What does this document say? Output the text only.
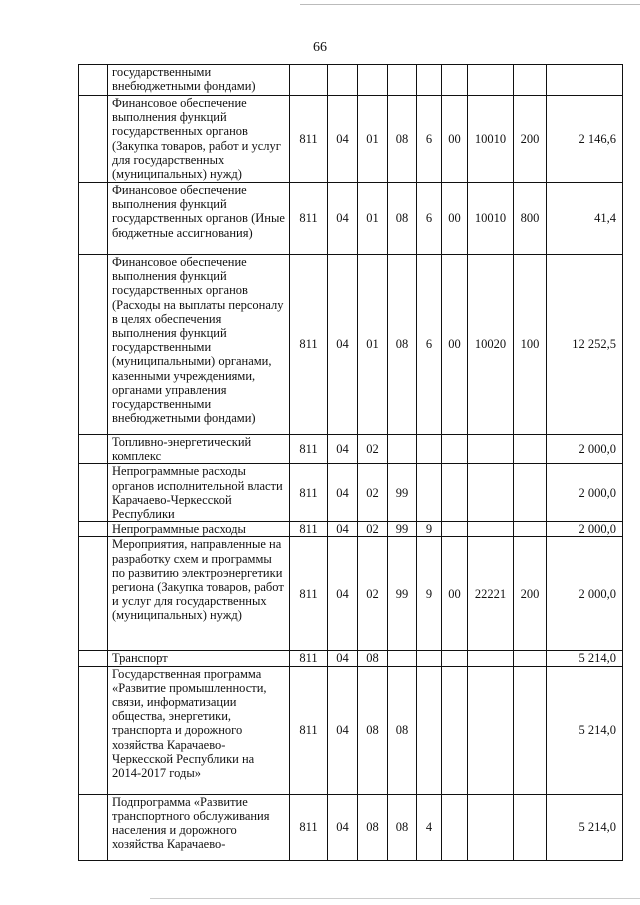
66
	государственными внебюджетными фондами)									
	Финансовое обеспечение выполнения функций государственных органов (Закупка товаров, работ и услуг для государственных (муниципальных) нужд)	811	04	01	08	6	00	10010	200	2 146,6
	Финансовое обеспечение выполнения функций государственных органов (Иные бюджетные ассигнования)	811	04	01	08	6	00	10010	800	41,4
	Финансовое обеспечение выполнения функций государственных органов (Расходы на выплаты персоналу в целях обеспечения выполнения функций государственными (муниципальными) органами, казенными учреждениями, органами управления государственными внебюджетными фондами)	811	04	01	08	6	00	10020	100	12 252,5
	Топливно-энергетический комплекс	811	04	02						2 000,0
	Непрограммные расходы органов исполнительной власти Карачаево-Черкесской Республики	811	04	02	99					2 000,0
	Непрограммные расходы	811	04	02	99	9				2 000,0
	Мероприятия, направленные на разработку схем и программы по развитию электроэнергетики региона (Закупка товаров, работ и услуг для государственных (муниципальных) нужд)	811	04	02	99	9	00	22221	200	2 000,0
	Транспорт	811	04	08						5 214,0
	Государственная программа «Развитие промышленности, связи, информатизации общества, энергетики, транспорта и дорожного хозяйства Карачаево-Черкесской Республики на 2014-2017 годы»	811	04	08	08					5 214,0
	Подпрограмма «Развитие транспортного обслуживания населения и дорожного хозяйства Карачаево-	811	04	08	08	4				5 214,0
